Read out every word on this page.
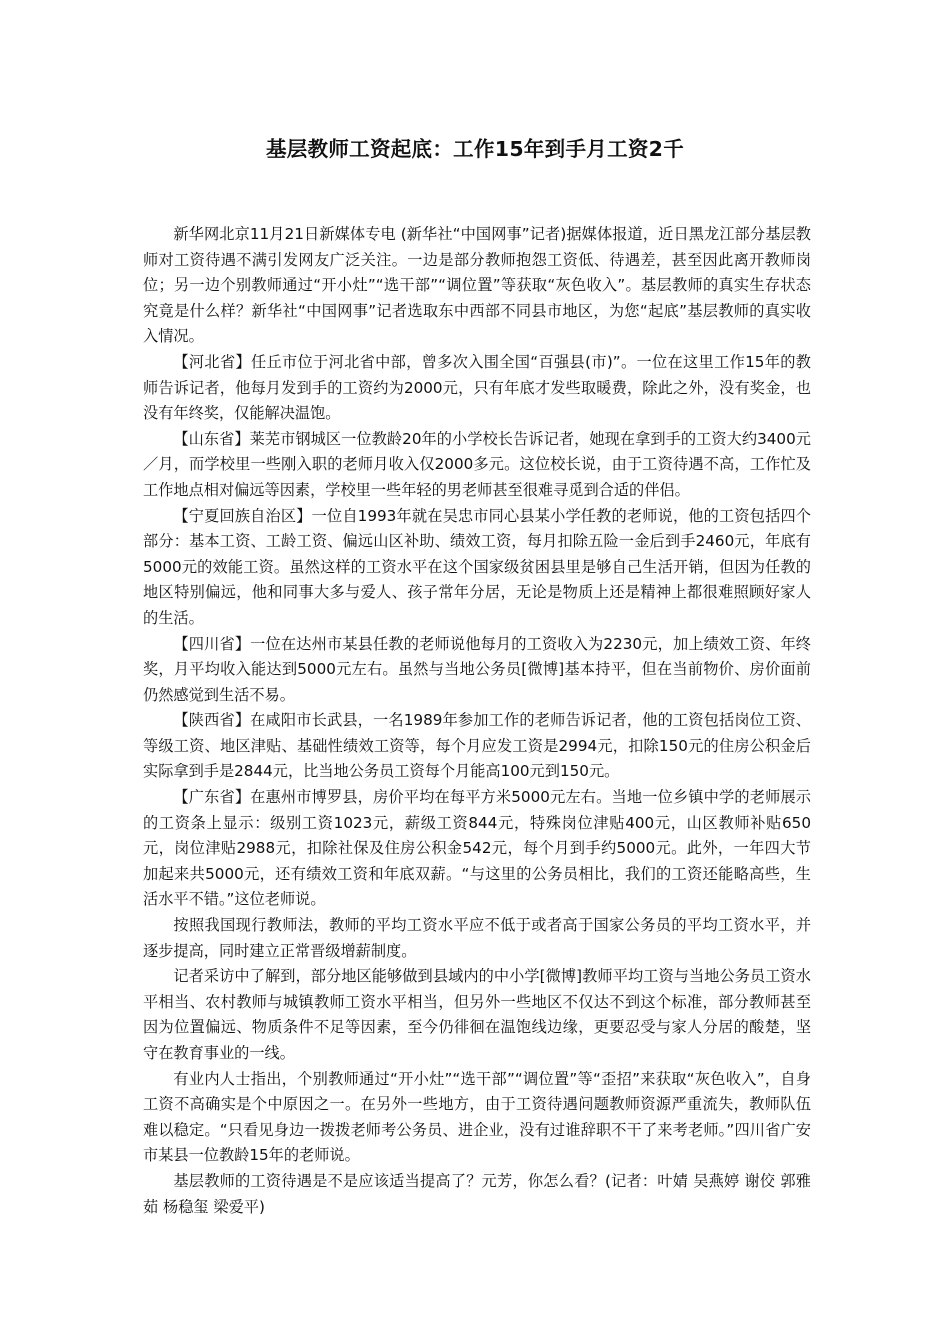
基层教师工资起底：工作15年到手月工资2千

新华网北京11月21日新媒体专电 (新华社“中国网事”记者)据媒体报道，近日黑龙江部分基层教师对工资待遇不满引发网友广泛关注。一边是部分教师抱怨工资低、待遇差，甚至因此离开教师岗位；另一边个别教师通过“开小灶”“选干部”“调位置”等获取“灰色收入”。基层教师的真实生存状态究竟是什么样？新华社“中国网事”记者选取东中西部不同县市地区，为您“起底”基层教师的真实收入情况。

【河北省】任丘市位于河北省中部，曾多次入围全国“百强县(市)”。一位在这里工作15年的教师告诉记者，他每月发到手的工资约为2000元，只有年底才发些取暖费，除此之外，没有奖金，也没有年终奖，仅能解决温饱。

【山东省】莱芜市钢城区一位教龄20年的小学校长告诉记者，她现在拿到手的工资大约3400元／月，而学校里一些刚入职的老师月收入仅2000多元。这位校长说，由于工资待遇不高，工作忙及工作地点相对偏远等因素，学校里一些年轻的男老师甚至很难寻觅到合适的伴侣。

【宁夏回族自治区】一位自1993年就在吴忠市同心县某小学任教的老师说，他的工资包括四个部分：基本工资、工龄工资、偏远山区补助、绩效工资，每月扣除五险一金后到手2460元，年底有5000元的效能工资。虽然这样的工资水平在这个国家级贫困县里是够自己生活开销，但因为任教的地区特别偏远，他和同事大多与爱人、孩子常年分居，无论是物质上还是精神上都很难照顾好家人的生活。

【四川省】一位在达州市某县任教的老师说他每月的工资收入为2230元，加上绩效工资、年终奖，月平均收入能达到5000元左右。虽然与当地公务员[微博]基本持平，但在当前物价、房价面前仍然感觉到生活不易。

【陕西省】在咸阳市长武县，一名1989年参加工作的老师告诉记者，他的工资包括岗位工资、等级工资、地区津贴、基础性绩效工资等，每个月应发工资是2994元，扣除150元的住房公积金后实际拿到手是2844元，比当地公务员工资每个月能高100元到150元。

【广东省】在惠州市博罗县，房价平均在每平方米5000元左右。当地一位乡镇中学的老师展示的工资条上显示：级别工资1023元，薪级工资844元，特殊岗位津贴400元，山区教师补贴650元，岗位津贴2988元，扣除社保及住房公积金542元，每个月到手约5000元。此外，一年四大节加起来共5000元，还有绩效工资和年底双薪。“与这里的公务员相比，我们的工资还能略高些，生活水平不错。”这位老师说。

按照我国现行教师法，教师的平均工资水平应不低于或者高于国家公务员的平均工资水平，并逐步提高，同时建立正常晋级增薪制度。

记者采访中了解到，部分地区能够做到县域内的中小学[微博]教师平均工资与当地公务员工资水平相当、农村教师与城镇教师工资水平相当，但另外一些地区不仅达不到这个标准，部分教师甚至因为位置偏远、物质条件不足等因素，至今仍徘徊在温饱线边缘，更要忍受与家人分居的酸楚，坚守在教育事业的一线。

有业内人士指出，个别教师通过“开小灶”“选干部”“调位置”等“歪招”来获取“灰色收入”，自身工资不高确实是个中原因之一。在另外一些地方，由于工资待遇问题教师资源严重流失，教师队伍难以稳定。“只看见身边一拨拨老师考公务员、进企业，没有过谁辞职不干了来考老师。”四川省广安市某县一位教龄15年的老师说。

基层教师的工资待遇是不是应该适当提高了？元芳，你怎么看？(记者：叶婧 吴燕婷 谢佼 郭雅茹 杨稳玺 梁爱平)
